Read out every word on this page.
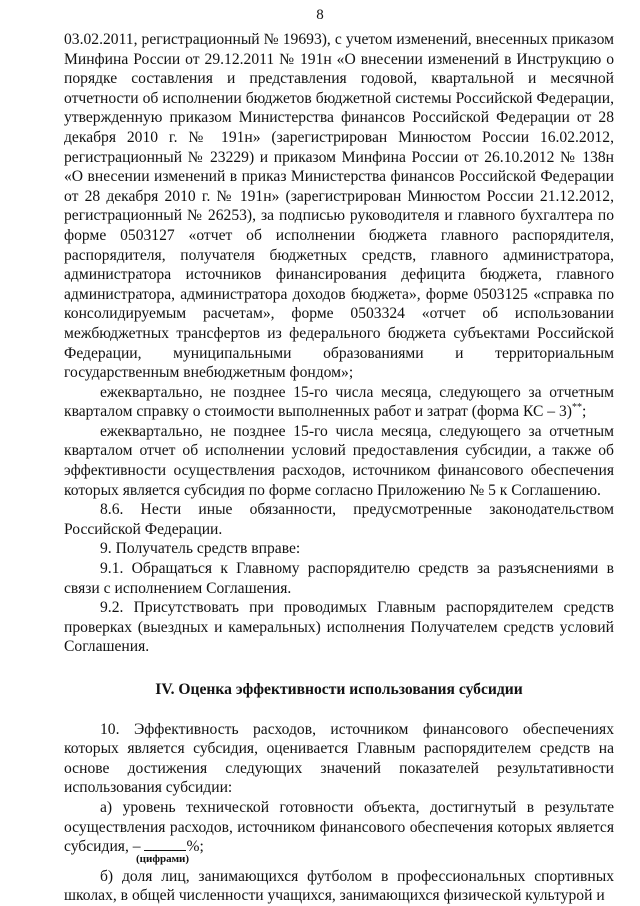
8

03.02.2011, регистрационный № 19693), с учетом изменений, внесенных приказом Минфина России от 29.12.2011 № 191н «О внесении изменений в Инструкцию о порядке составления и представления годовой, квартальной и месячной отчетности об исполнении бюджетов бюджетной системы Российской Федерации, утвержденную приказом Министерства финансов Российской Федерации от 28 декабря 2010 г. № 191н» (зарегистрирован Минюстом России 16.02.2012, регистрационный № 23229) и приказом Минфина России от 26.10.2012 № 138н «О внесении изменений в приказ Министерства финансов Российской Федерации от 28 декабря 2010 г. № 191н» (зарегистрирован Минюстом России 21.12.2012, регистрационный № 26253), за подписью руководителя и главного бухгалтера по форме 0503127 «отчет об исполнении бюджета главного распорядителя, распорядителя, получателя бюджетных средств, главного администратора, администратора источников финансирования дефицита бюджета, главного администратора, администратора доходов бюджета», форме 0503125 «справка по консолидируемым расчетам», форме 0503324 «отчет об использовании межбюджетных трансфертов из федерального бюджета субъектами Российской Федерации, муниципальными образованиями и территориальным государственным внебюджетным фондом»;

ежеквартально, не позднее 15-го числа месяца, следующего за отчетным кварталом справку о стоимости выполненных работ и затрат (форма КС – 3)**;

ежеквартально, не позднее 15-го числа месяца, следующего за отчетным кварталом отчет об исполнении условий предоставления субсидии, а также об эффективности осуществления расходов, источником финансового обеспечения которых является субсидия по форме согласно Приложению № 5 к Соглашению.

8.6. Нести иные обязанности, предусмотренные законодательством Российской Федерации.

9. Получатель средств вправе:

9.1. Обращаться к Главному распорядителю средств за разъяснениями в связи с исполнением Соглашения.

9.2. Присутствовать при проводимых Главным распорядителем средств проверках (выездных и камеральных) исполнения Получателем средств условий Соглашения.

IV. Оценка эффективности использования субсидии

10. Эффективность расходов, источником финансового обеспечениях которых является субсидия, оценивается Главным распорядителем средств на основе достижения следующих значений показателей результативности использования субсидии:

а) уровень технической готовности объекта, достигнутый в результате осуществления расходов, источником финансового обеспечения которых является субсидия, –	%;

(цифрами)

б) доля лиц, занимающихся футболом в профессиональных спортивных школах, в общей численности учащихся, занимающихся физической культурой и
